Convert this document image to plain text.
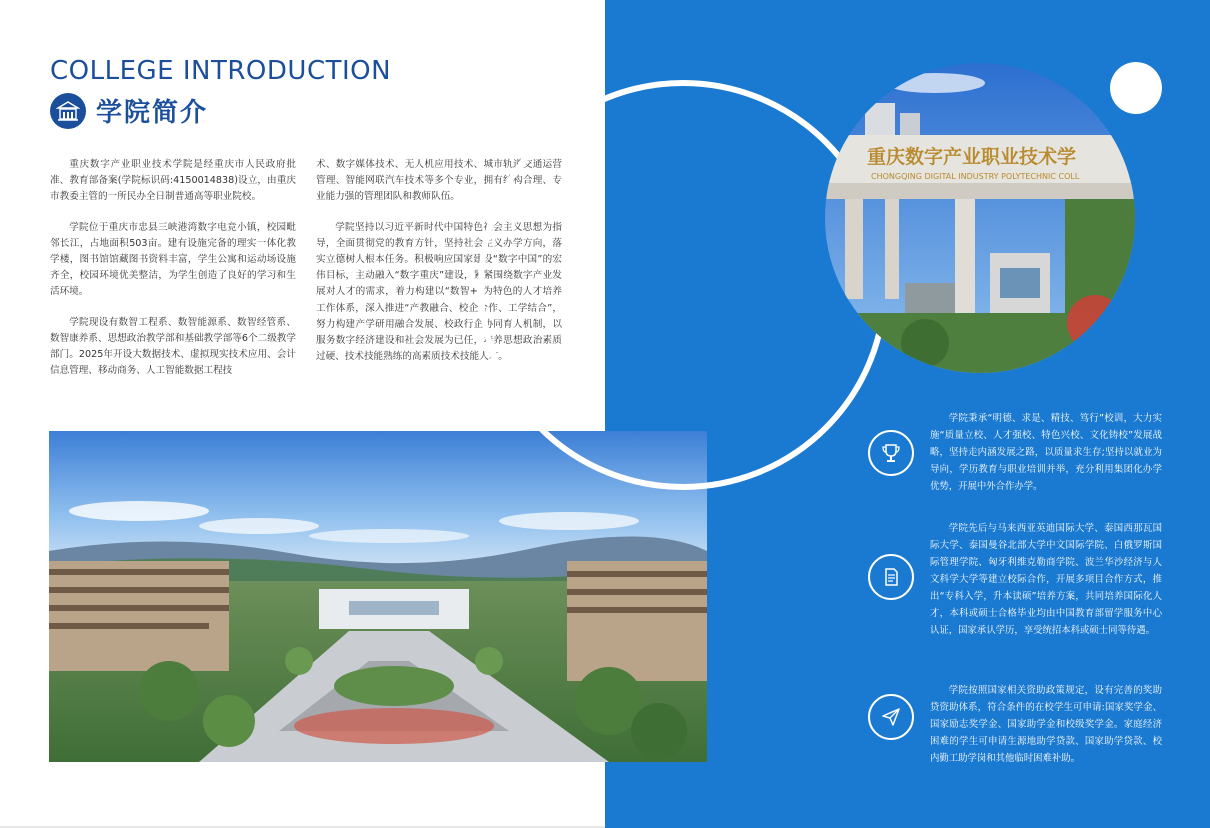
COLLEGE INTRODUCTION
学院简介

重庆数字产业职业技术学院是经重庆市人民政府批准、教育部备案(学院标识码:4150014838)设立，由重庆市教委主管的一所民办全日制普通高等职业院校。

学院位于重庆市忠县三峡港湾数字电竞小镇，校园毗邻长江，占地面积503亩。建有设施完备的理实一体化教学楼，图书馆馆藏图书资料丰富，学生公寓和运动场设施齐全，校园环境优美整洁，为学生创造了良好的学习和生活环境。

学院现设有数智工程系、数智能源系、数智经管系、数智康养系、思想政治教学部和基础教学部等6个二级教学部门。2025年开设大数据技术、虚拟现实技术应用、会计信息管理、移动商务、人工智能数据工程技

术、数字媒体技术、无人机应用技术、城市轨道交通运营管理、智能网联汽车技术等多个专业，拥有结构合理、专业能力强的管理团队和教师队伍。

学院坚持以习近平新时代中国特色社会主义思想为指导，全面贯彻党的教育方针，坚持社会主义办学方向，落实立德树人根本任务。积极响应国家建设“数字中国”的宏伟目标，主动融入“数字重庆”建设，紧紧围绕数字产业发展对人才的需求，着力构建以“数智+”为特色的人才培养工作体系，深入推进“产教融合、校企合作、工学结合”，努力构建产学研用融合发展、校政行企协同育人机制，以服务数字经济建设和社会发展为已任，培养思想政治素质过硬、技术技能熟练的高素质技术技能人才。

重庆数字产业职业技术学
CHONGQING DIGITAL INDUSTRY POLYTECHNIC COLL
学院秉承“明德、求是、精技、笃行”校训，大力实施“质量立校、人才强校、特色兴校、文化铸校”发展战略，坚持走内涵发展之路，以质量求生存;坚持以就业为导向，学历教育与职业培训并举，充分利用集团化办学优势，开展中外合作办学。
学院先后与马来西亚英迪国际大学、泰国西那瓦国际大学、泰国曼谷北部大学中文国际学院、白俄罗斯国际管理学院、匈牙利维克勒商学院、波兰华沙经济与人文科学大学等建立校际合作，开展多项目合作方式，推出“专科入学，升本读硕”培养方案，共同培养国际化人才，本科或硕士合格毕业均由中国教育部留学服务中心认证，国家承认学历，享受统招本科或硕士同等待遇。
学院按照国家相关资助政策规定，设有完善的奖助贷资助体系，符合条件的在校学生可申请:国家奖学金、国家励志奖学金、国家助学金和校级奖学金。家庭经济困难的学生可申请生源地助学贷款、国家助学贷款、校内勤工助学岗和其他临时困难补助。
